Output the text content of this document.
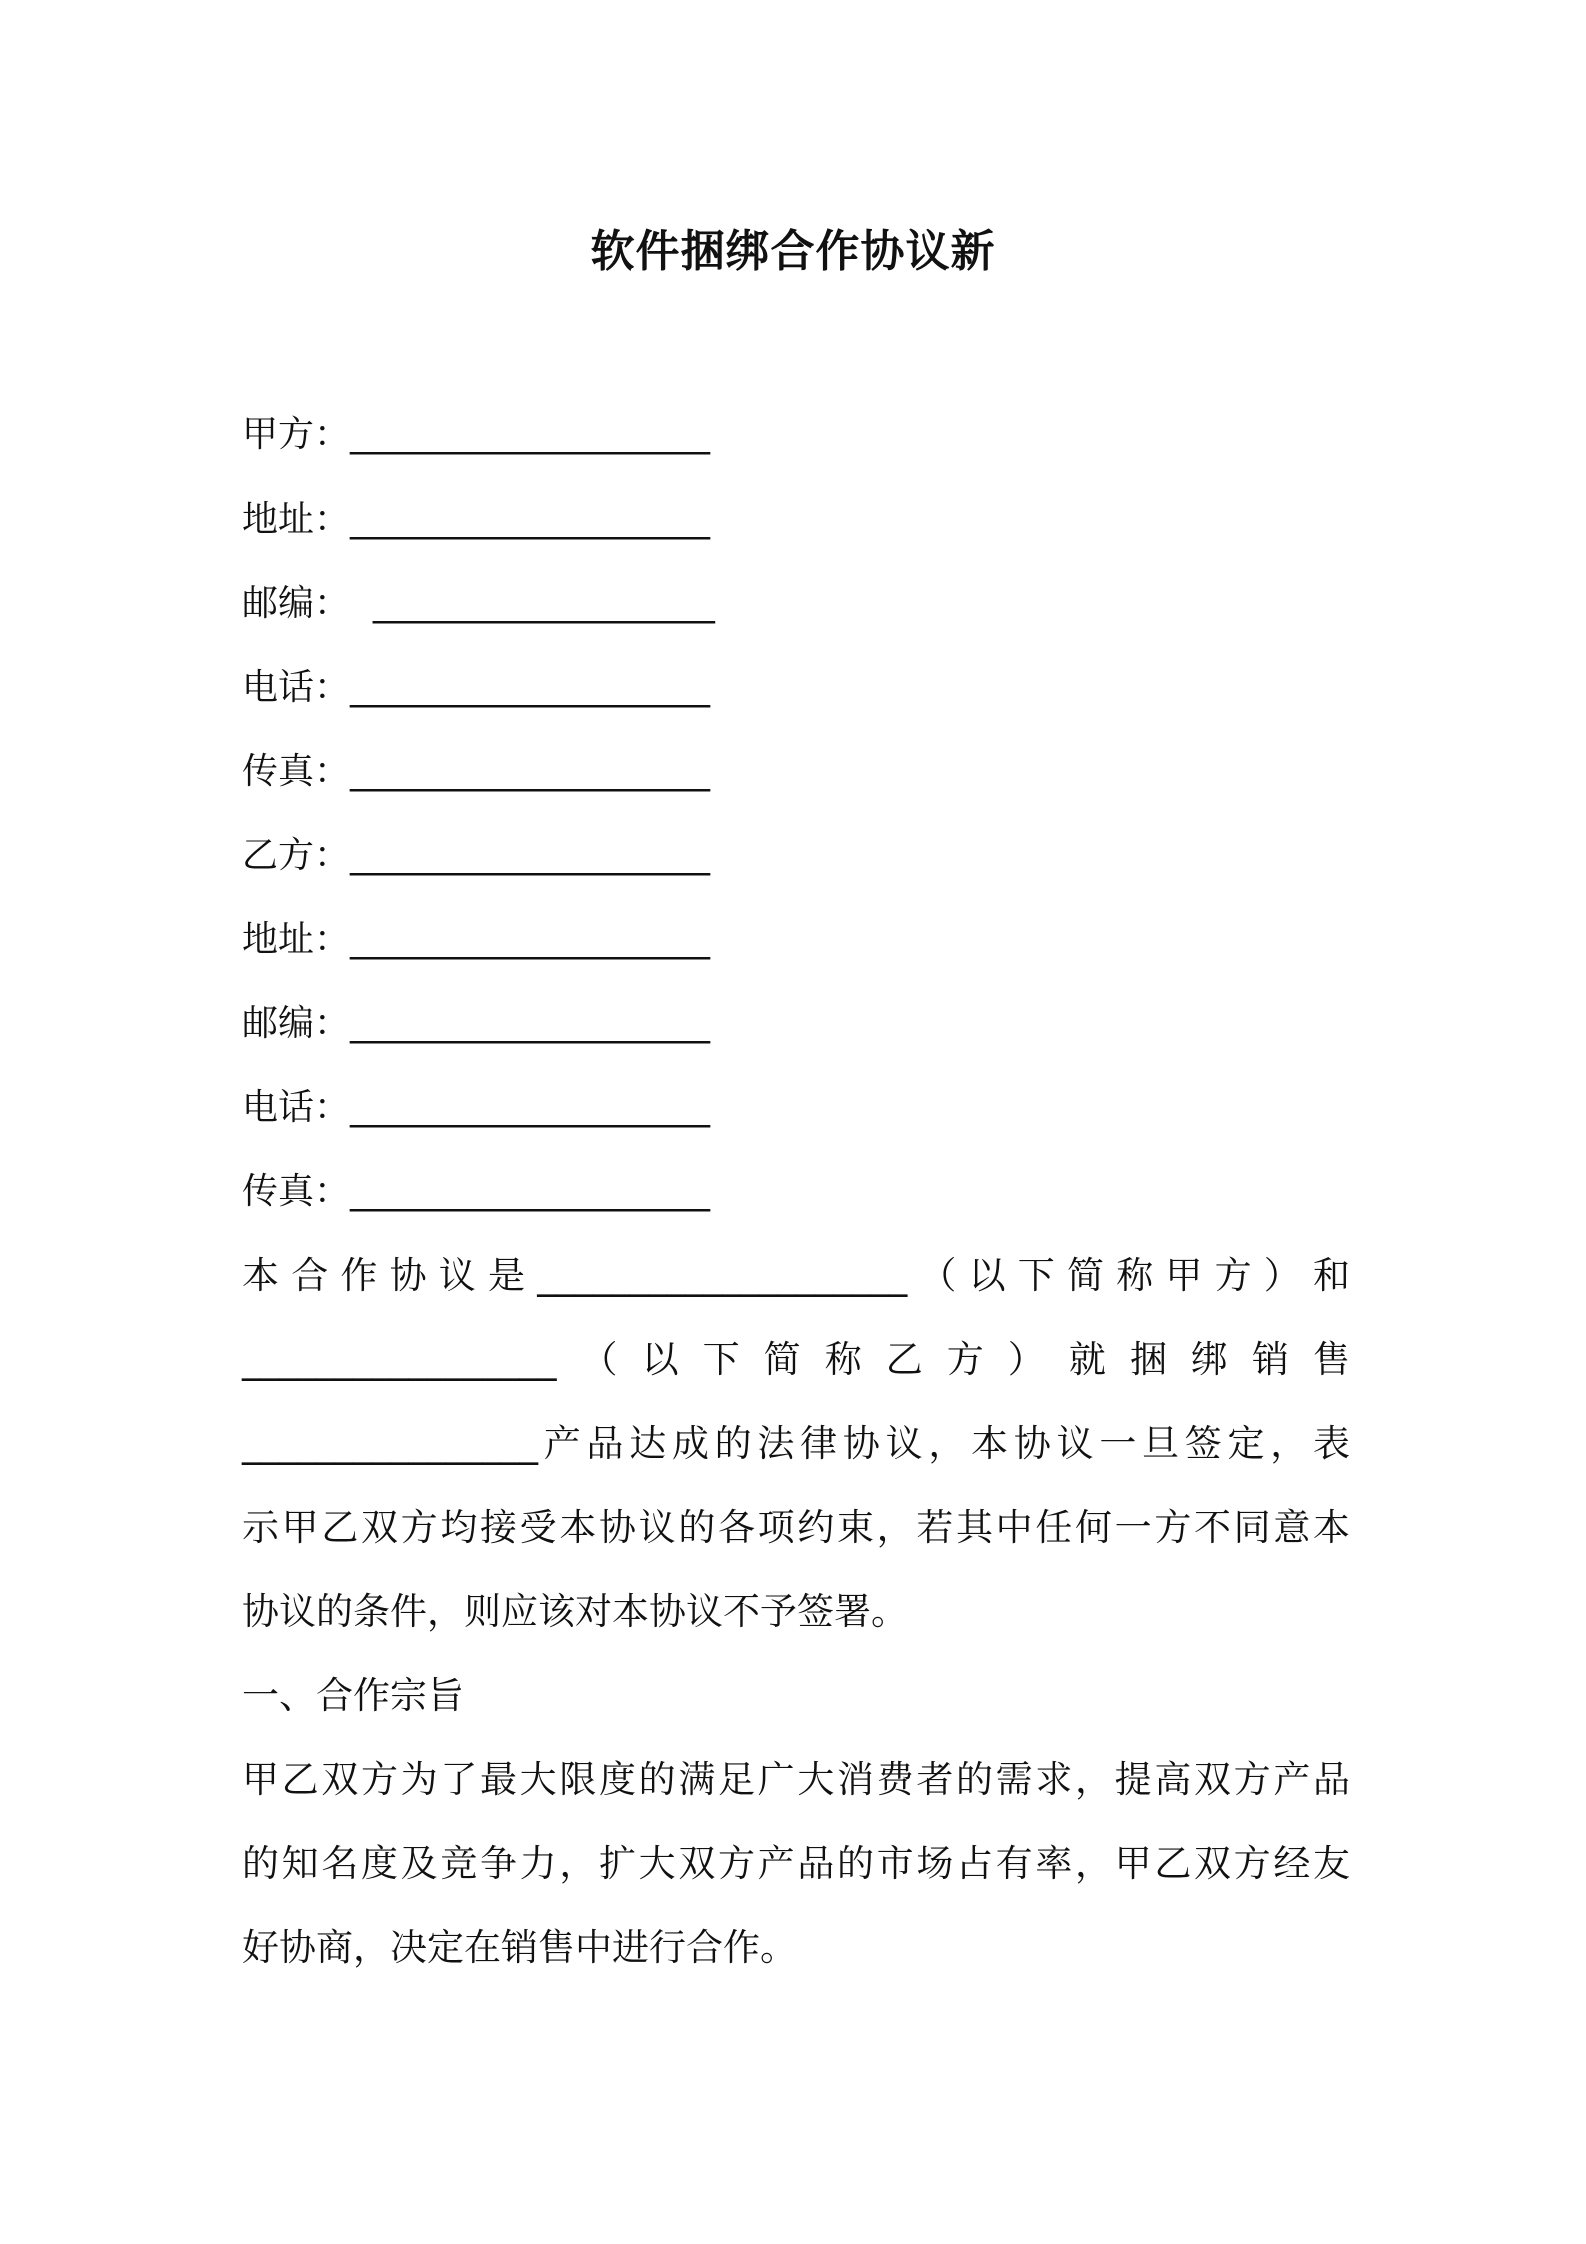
软件捆绑合作协议新
甲方：____________________
地址：____________________
邮编：  ___________________
电话：____________________
传真：____________________
乙方：____________________
地址：____________________
邮编：____________________
电话：____________________
传真：____________________
本合作协议是____________________（以下简称甲方）和
_________________（以下简称乙方）就捆绑销售
________________产品达成的法律协议，本协议一旦签定，表
示甲乙双方均接受本协议的各项约束，若其中任何一方不同意本
协议的条件，则应该对本协议不予签署。
一、合作宗旨
甲乙双方为了最大限度的满足广大消费者的需求，提高双方产品
的知名度及竞争力，扩大双方产品的市场占有率，甲乙双方经友
好协商，决定在销售中进行合作。
